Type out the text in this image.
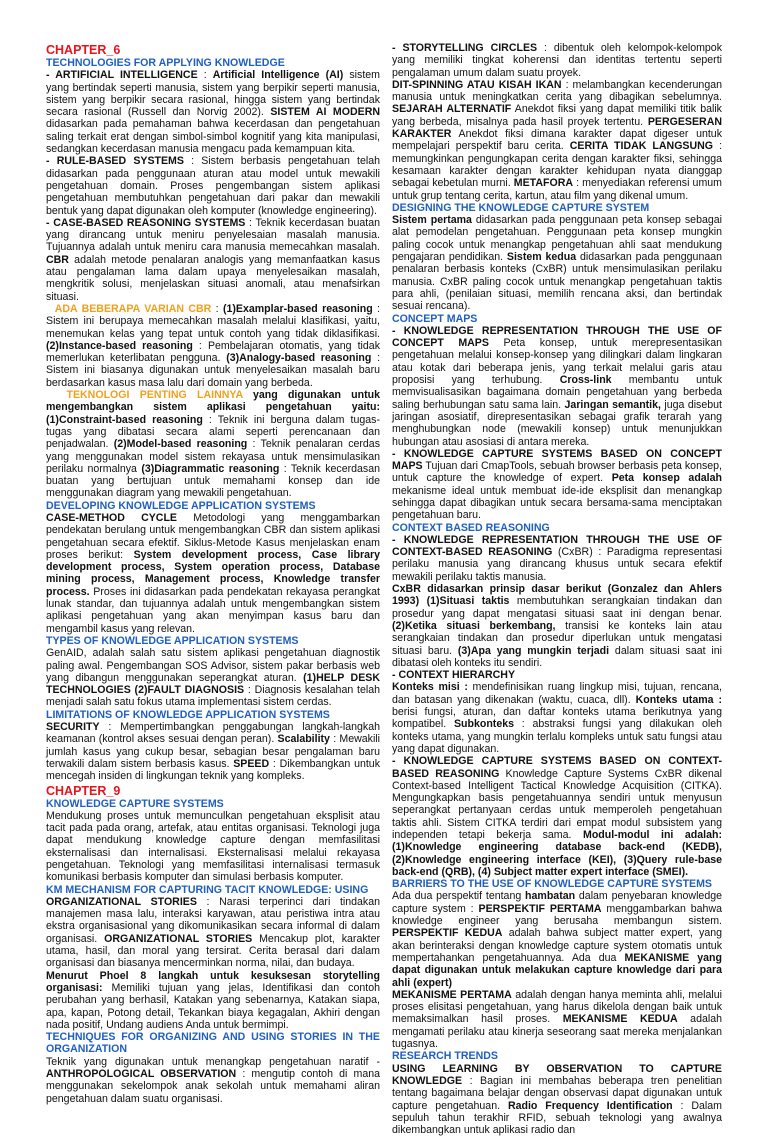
CHAPTER_6
TECHNOLOGIES FOR APPLYING KNOWLEDGE

- ARTIFICIAL INTELLIGENCE : Artificial Intelligence (AI) sistem yang bertindak seperti manusia, sistem yang berpikir seperti manusia, sistem yang berpikir secara rasional, hingga sistem yang bertindak secara rasional (Russell dan Norvig 2002). SISTEM AI MODERN didasarkan pada pemahaman bahwa kecerdasan dan pengetahuan saling terkait erat dengan simbol-simbol kognitif yang kita manipulasi, sedangkan kecerdasan manusia mengacu pada kemampuan kita.

- RULE-BASED SYSTEMS : Sistem berbasis pengetahuan telah didasarkan pada penggunaan aturan atau model untuk mewakili pengetahuan domain. Proses pengembangan sistem aplikasi pengetahuan membutuhkan pengetahuan dari pakar dan mewakili bentuk yang dapat digunakan oleh komputer (knowledge engineering).

- CASE-BASED REASONING SYSTEMS : Teknik kecerdasan buatan yang dirancang untuk meniru penyelesaian masalah manusia. Tujuannya adalah untuk meniru cara manusia memecahkan masalah. CBR adalah metode penalaran analogis yang memanfaatkan kasus atau pengalaman lama dalam upaya menyelesaikan masalah, mengkritik solusi, menjelaskan situasi anomali, atau menafsirkan situasi.

ADA BEBERAPA VARIAN CBR : (1)Examplar-based reasoning : Sistem ini berupaya memecahkan masalah melalui klasifikasi, yaitu, menemukan kelas yang tepat untuk contoh yang tidak diklasifikasi. (2)Instance-based reasoning : Pembelajaran otomatis, yang tidak memerlukan keterlibatan pengguna. (3)Analogy-based reasoning : Sistem ini biasanya digunakan untuk menyelesaikan masalah baru berdasarkan kasus masa lalu dari domain yang berbeda.

TEKNOLOGI PENTING LAINNYA yang digunakan untuk mengembangkan sistem aplikasi pengetahuan yaitu: (1)Constraint-based reasoning : Teknik ini berguna dalam tugas-tugas yang dibatasi secara alami seperti perencanaan dan penjadwalan. (2)Model-based reasoning : Teknik penalaran cerdas yang menggunakan model sistem rekayasa untuk mensimulasikan perilaku normalnya (3)Diagrammatic reasoning : Teknik kecerdasan buatan yang bertujuan untuk memahami konsep dan ide menggunakan diagram yang mewakili pengetahuan.

DEVELOPING KNOWLEDGE APPLICATION SYSTEMS

CASE-METHOD CYCLE Metodologi yang menggambarkan pendekatan berulang untuk mengembangkan CBR dan sistem aplikasi pengetahuan secara efektif. Siklus-Metode Kasus menjelaskan enam proses berikut: System development process, Case library development process, System operation process, Database mining process, Management process, Knowledge transfer process. Proses ini didasarkan pada pendekatan rekayasa perangkat lunak standar, dan tujuannya adalah untuk mengembangkan sistem aplikasi pengetahuan yang akan menyimpan kasus baru dan mengambil kasus yang relevan.

TYPES OF KNOWLEDGE APPLICATION SYSTEMS

GenAID, adalah salah satu sistem aplikasi pengetahuan diagnostik paling awal. Pengembangan SOS Advisor, sistem pakar berbasis web yang dibangun menggunakan seperangkat aturan. (1)HELP DESK TECHNOLOGIES (2)FAULT DIAGNOSIS : Diagnosis kesalahan telah menjadi salah satu fokus utama implementasi sistem cerdas.

LIMITATIONS OF KNOWLEDGE APPLICATION SYSTEMS

SECURITY : Mempertimbangkan penggabungan langkah-langkah keamanan (kontrol akses sesuai dengan peran). Scalability : Mewakili jumlah kasus yang cukup besar, sebagian besar pengalaman baru terwakili dalam sistem berbasis kasus. SPEED : Dikembangkan untuk mencegah insiden di lingkungan teknik yang kompleks.

CHAPTER_9
KNOWLEDGE CAPTURE SYSTEMS

Mendukung proses untuk memunculkan pengetahuan eksplisit atau tacit pada pada orang, artefak, atau entitas organisasi. Teknologi juga dapat mendukung knowledge capture dengan memfasilitasi eksternalisasi dan internalisasi. Eksternalisasi melalui rekayasa pengetahuan. Teknologi yang memfasilitasi internalisasi termasuk komunikasi berbasis komputer dan simulasi berbasis komputer.

KM MECHANISM FOR CAPTURING TACIT KNOWLEDGE: USING

ORGANIZATIONAL STORIES : Narasi terperinci dari tindakan manajemen masa lalu, interaksi karyawan, atau peristiwa intra atau ekstra organisasional yang dikomunikasikan secara informal di dalam organisasi. ORGANIZATIONAL STORIES Mencakup plot, karakter utama, hasil, dan moral yang tersirat. Cerita berasal dari dalam organisasi dan biasanya mencerminkan norma, nilai, dan budaya.

Menurut Phoel 8 langkah untuk kesuksesan storytelling organisasi: Memiliki tujuan yang jelas, Identifikasi dan contoh perubahan yang berhasil, Katakan yang sebenarnya, Katakan siapa, apa, kapan, Potong detail, Tekankan biaya kegagalan, Akhiri dengan nada positif, Undang audiens Anda untuk bermimpi.

TECHNIQUES FOR ORGANIZING AND USING STORIES IN THE ORGANIZATION

Teknik yang digunakan untuk menangkap pengetahuan naratif - ANTHROPOLOGICAL OBSERVATION : mengutip contoh di mana menggunakan sekelompok anak sekolah untuk memahami aliran pengetahuan dalam suatu organisasi.

- STORYTELLING CIRCLES : dibentuk oleh kelompok-kelompok yang memiliki tingkat koherensi dan identitas tertentu seperti pengalaman umum dalam suatu proyek.

DIT-SPINNING ATAU KISAH IKAN : melambangkan kecenderungan manusia untuk meningkatkan cerita yang dibagikan sebelumnya. SEJARAH ALTERNATIF Anekdot fiksi yang dapat memiliki titik balik yang berbeda, misalnya pada hasil proyek tertentu. PERGESERAN KARAKTER Anekdot fiksi dimana karakter dapat digeser untuk mempelajari perspektif baru cerita. CERITA TIDAK LANGSUNG : memungkinkan pengungkapan cerita dengan karakter fiksi, sehingga kesamaan karakter dengan karakter kehidupan nyata dianggap sebagai kebetulan murni. METAFORA : menyediakan referensi umum untuk grup tentang cerita, kartun, atau film yang dikenal umum.

DESIGNING THE KNOWLEDGE CAPTURE SYSTEM

Sistem pertama didasarkan pada penggunaan peta konsep sebagai alat pemodelan pengetahuan. Penggunaan peta konsep mungkin paling cocok untuk menangkap pengetahuan ahli saat mendukung pengajaran pendidikan. Sistem kedua didasarkan pada penggunaan penalaran berbasis konteks (CxBR) untuk mensimulasikan perilaku manusia. CxBR paling cocok untuk menangkap pengetahuan taktis para ahli, (penilaian situasi, memilih rencana aksi, dan bertindak sesuai rencana).

CONCEPT MAPS

- KNOWLEDGE REPRESENTATION THROUGH THE USE OF CONCEPT MAPS Peta konsep, untuk merepresentasikan pengetahuan melalui konsep-konsep yang dilingkari dalam lingkaran atau kotak dari beberapa jenis, yang terkait melalui garis atau proposisi yang terhubung. Cross-link membantu untuk memvisualisasikan bagaimana domain pengetahuan yang berbeda saling berhubungan satu sama lain. Jaringan semantik, juga disebut jaringan asosiatif, direpresentasikan sebagai grafik terarah yang menghubungkan node (mewakili konsep) untuk menunjukkan hubungan atau asosiasi di antara mereka.

- KNOWLEDGE CAPTURE SYSTEMS BASED ON CONCEPT MAPS Tujuan dari CmapTools, sebuah browser berbasis peta konsep, untuk capture the knowledge of expert. Peta konsep adalah mekanisme ideal untuk membuat ide-ide eksplisit dan menangkap sehingga dapat dibagikan untuk secara bersama-sama menciptakan pengetahuan baru.

CONTEXT BASED REASONING

- KNOWLEDGE REPRESENTATION THROUGH THE USE OF CONTEXT-BASED REASONING (CxBR) : Paradigma representasi perilaku manusia yang dirancang khusus untuk secara efektif mewakili perilaku taktis manusia.

CxBR didasarkan prinsip dasar berikut (Gonzalez dan Ahlers 1993) (1)Situasi taktis membutuhkan serangkaian tindakan dan prosedur yang dapat mengatasi situasi saat ini dengan benar. (2)Ketika situasi berkembang, transisi ke konteks lain atau serangkaian tindakan dan prosedur diperlukan untuk mengatasi situasi baru. (3)Apa yang mungkin terjadi dalam situasi saat ini dibatasi oleh konteks itu sendiri.

- CONTEXT HIERARCHY

Konteks misi : mendefinisikan ruang lingkup misi, tujuan, rencana, dan batasan yang dikenakan (waktu, cuaca, dll). Konteks utama : berisi fungsi, aturan, dan daftar konteks utama berikutnya yang kompatibel. Subkonteks : abstraksi fungsi yang dilakukan oleh konteks utama, yang mungkin terlalu kompleks untuk satu fungsi atau yang dapat digunakan.

- KNOWLEDGE CAPTURE SYSTEMS BASED ON CONTEXT-BASED REASONING Knowledge Capture Systems CxBR dikenal Context-based Intelligent Tactical Knowledge Acquisition (CITKA). Mengungkapkan basis pengetahuannya sendiri untuk menyusun seperangkat pertanyaan cerdas untuk memperoleh pengetahuan taktis ahli. Sistem CITKA terdiri dari empat modul subsistem yang independen tetapi bekerja sama. Modul-modul ini adalah: (1)Knowledge engineering database back-end (KEDB), (2)Knowledge engineering interface (KEI), (3)Query rule-base back-end (QRB), (4) Subject matter expert interface (SMEI).

BARRIERS TO THE USE OF KNOWLEDGE CAPTURE SYSTEMS

Ada dua perspektif tentang hambatan dalam penyebaran knowledge capture system : PERSPEKTIF PERTAMA menggambarkan bahwa knowledge engineer yang berusaha membangun sistem. PERSPEKTIF KEDUA adalah bahwa subject matter expert, yang akan berinteraksi dengan knowledge capture system otomatis untuk mempertahankan pengetahuannya. Ada dua MEKANISME yang dapat digunakan untuk melakukan capture knowledge dari para ahli (expert)

MEKANISME PERTAMA adalah dengan hanya meminta ahli, melalui proses elisitasi pengetahuan, yang harus dikelola dengan baik untuk memaksimalkan hasil proses. MEKANISME KEDUA adalah mengamati perilaku atau kinerja seseorang saat mereka menjalankan tugasnya.

RESEARCH TRENDS

USING LEARNING BY OBSERVATION TO CAPTURE KNOWLEDGE : Bagian ini membahas beberapa tren penelitian tentang bagaimana belajar dengan observasi dapat digunakan untuk capture pengetahuan. Radio Frequency Identification : Dalam sepuluh tahun terakhir RFID, sebuah teknologi yang awalnya dikembangkan untuk aplikasi radio dan
